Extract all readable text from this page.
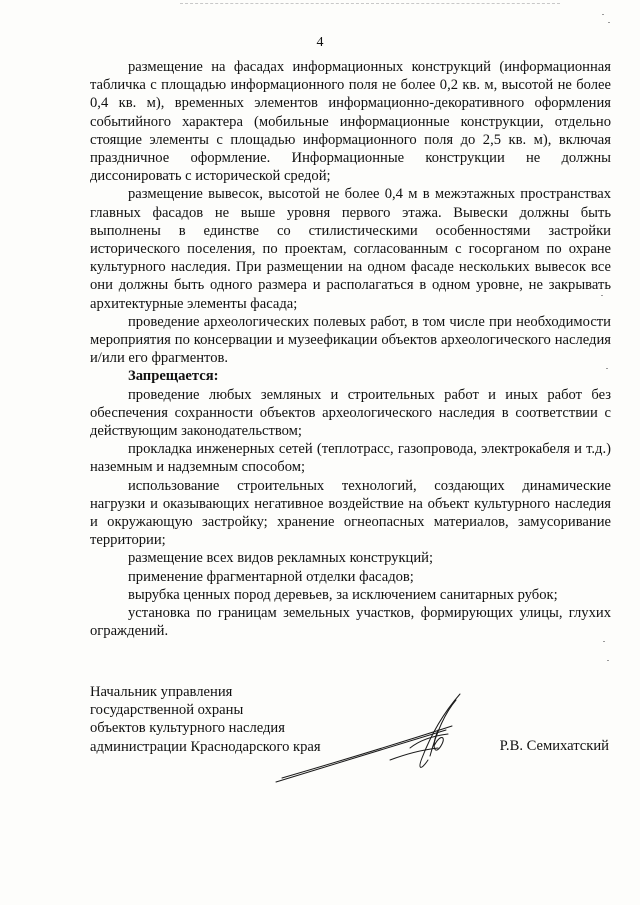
4

размещение на фасадах информационных конструкций (информационная табличка с площадью информационного поля не более 0,2 кв. м, высотой не более 0,4 кв. м), временных элементов информационно-декоративного оформления событийного характера (мобильные информационные конструкции, отдельно стоящие элементы с площадью информационного поля до 2,5 кв. м), включая праздничное оформление. Информационные конструкции не должны диссонировать с исторической средой;

размещение вывесок, высотой не более 0,4 м в межэтажных пространствах главных фасадов не выше уровня первого этажа. Вывески должны быть выполнены в единстве со стилистическими особенностями застройки исторического поселения, по проектам, согласованным с госорганом по охране культурного наследия. При размещении на одном фасаде нескольких вывесок все они должны быть одного размера и располагаться в одном уровне, не закрывать архитектурные элементы фасада;

проведение археологических полевых работ, в том числе при необходимости мероприятия по консервации и музеефикации объектов археологического наследия и/или его фрагментов.

Запрещается:

проведение любых земляных и строительных работ и иных работ без обеспечения сохранности объектов археологического наследия в соответствии с действующим законодательством;

прокладка инженерных сетей (теплотрасс, газопровода, электрокабеля и т.д.) наземным и надземным способом;

использование строительных технологий, создающих динамические нагрузки и оказывающих негативное воздействие на объект культурного наследия и окружающую застройку; хранение огнеопасных материалов, замусоривание территории;

размещение всех видов рекламных конструкций;

применение фрагментарной отделки фасадов;

вырубка ценных пород деревьев, за исключением санитарных рубок;

установка по границам земельных участков, формирующих улицы, глухих ограждений.

Начальник управления
государственной охраны
объектов культурного наследия
администрации Краснодарского края	Р.В. Семихатский
